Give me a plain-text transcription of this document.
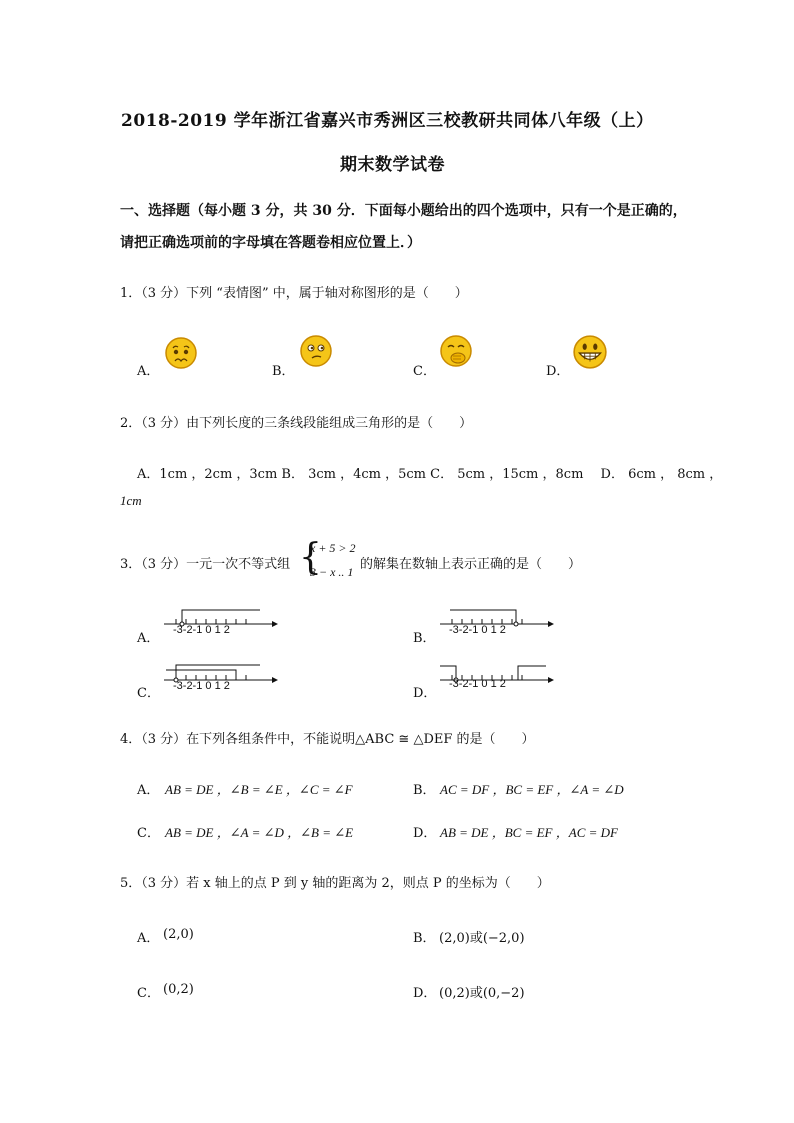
2018-2019 学年浙江省嘉兴市秀洲区三校教研共同体八年级（上）
期末数学试卷
一、选择题（每小题 3 分，共 30 分．下面每小题给出的四个选项中，只有一个是正确的，
请把正确选项前的字母填在答题卷相应位置上．）
1．（3 分）下列 “表情图” 中，属于轴对称图形的是（　　）
A．	B．	C．	D．
2．（3 分）由下列长度的三条线段能组成三角形的是（　　）
A．1cm ，2cm ，3cm B． 3cm ，4cm ，5cm C． 5cm ，15cm ，8cm 　D． 6cm ， 8cm ，
1cm
3．（3 分）一元一次不等式组 {
x + 5 > 2
3 − x .. 1 的解集在数轴上表示正确的是（　　）
A．
-3-2-1 0 1 2
B．
-3-2-1 0 1 2
C． -3-2-1 0 1 2	D．
-3-2-1 0 1 2
4．（3 分）在下列各组条件中，不能说明△ABC ≅ △DEF 的是（　　）
A． AB = DE ，∠B = ∠E ，∠C = ∠F	B． AC = DF ，BC = EF ，∠A = ∠D
C． AB = DE ，∠A = ∠D ，∠B = ∠E	D． AB = DE ，BC = EF ，AC = DF
5．（3 分）若 x 轴上的点 P 到 y 轴的距离为 2，则点 P 的坐标为（　　）
A． (2,0)	B． (2,0)或(−2,0)
C． (0,2)	D． (0,2)或(0,−2)
